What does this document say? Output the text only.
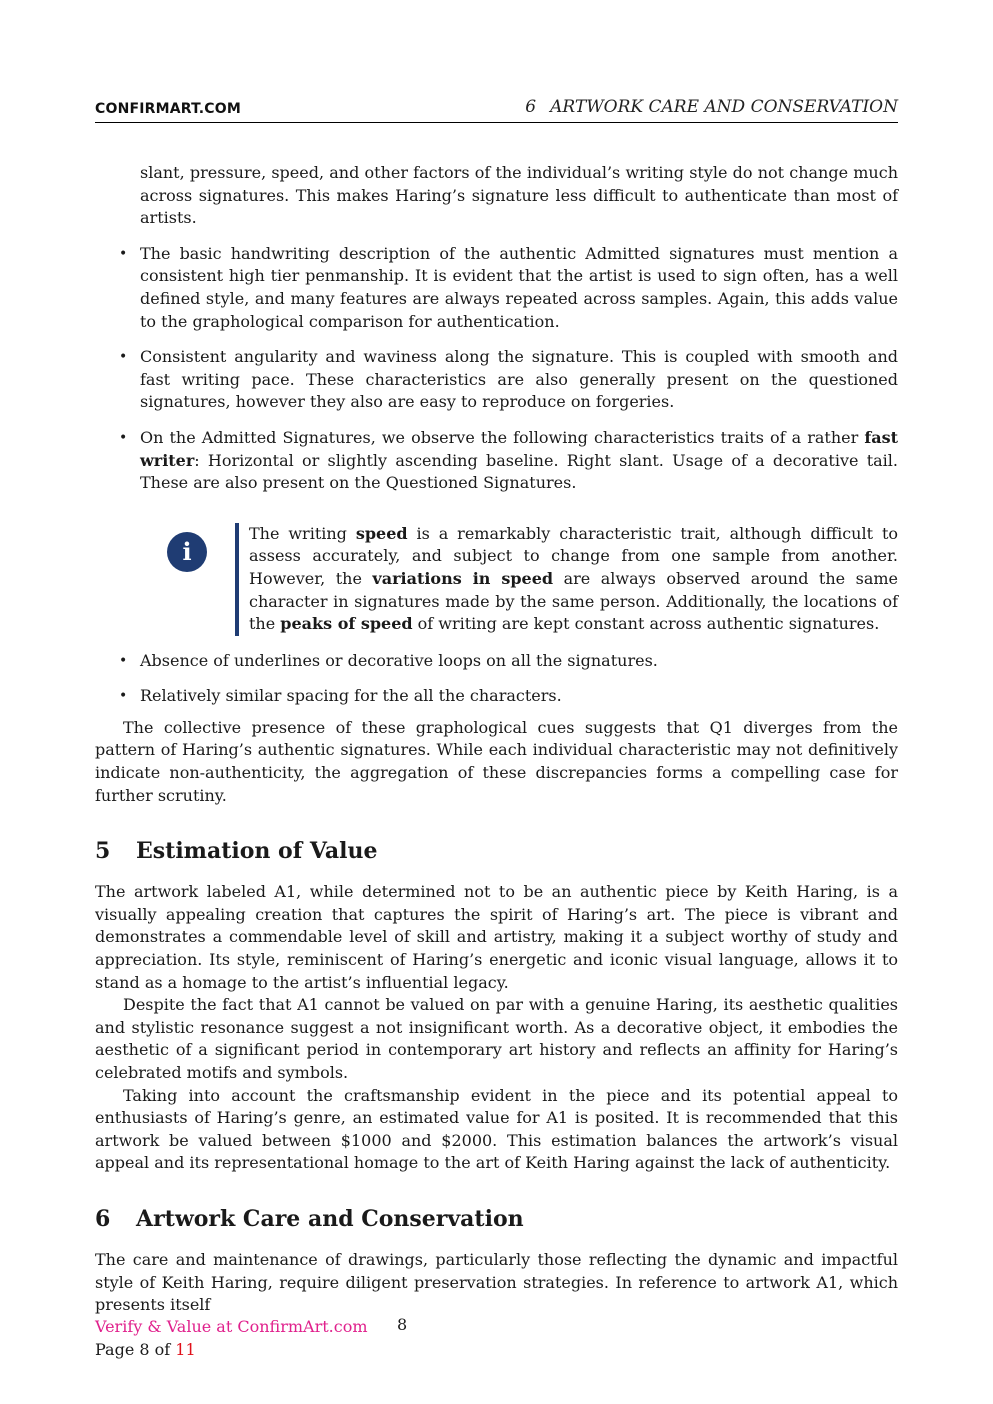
CONFIRMART.COM	6 ARTWORK CARE AND CONSERVATION

slant, pressure, speed, and other factors of the individual’s writing style do not change much across signatures. This makes Haring’s signature less difficult to authenticate than most of artists.

• The basic handwriting description of the authentic Admitted signatures must mention a consistent high tier penmanship. It is evident that the artist is used to sign often, has a well defined style, and many features are always repeated across samples. Again, this adds value to the graphological comparison for authentication.
• Consistent angularity and waviness along the signature. This is coupled with smooth and fast writing pace. These characteristics are also generally present on the questioned signatures, however they also are easy to reproduce on forgeries.
• On the Admitted Signatures, we observe the following characteristics traits of a rather fast writer: Horizontal or slightly ascending baseline. Right slant. Usage of a decorative tail. These are also present on the Questioned Signatures.
i
The writing speed is a remarkably characteristic trait, although difficult to assess accurately, and subject to change from one sample from another. However, the variations in speed are always observed around the same character in signatures made by the same person. Additionally, the locations of the peaks of speed of writing are kept constant across authentic signatures.
• Absence of underlines or decorative loops on all the signatures.
• Relatively similar spacing for the all the characters.

The collective presence of these graphological cues suggests that Q1 diverges from the pattern of Haring’s authentic signatures. While each individual characteristic may not definitively indicate non-authenticity, the aggregation of these discrepancies forms a compelling case for further scrutiny.

5 Estimation of Value

The artwork labeled A1, while determined not to be an authentic piece by Keith Haring, is a visually appealing creation that captures the spirit of Haring’s art. The piece is vibrant and demonstrates a commendable level of skill and artistry, making it a subject worthy of study and appreciation. Its style, reminiscent of Haring’s energetic and iconic visual language, allows it to stand as a homage to the artist’s influential legacy.

Despite the fact that A1 cannot be valued on par with a genuine Haring, its aesthetic qualities and stylistic resonance suggest a not insignificant worth. As a decorative object, it embodies the aesthetic of a significant period in contemporary art history and reflects an affinity for Haring’s celebrated motifs and symbols.

Taking into account the craftsmanship evident in the piece and its potential appeal to enthusiasts of Haring’s genre, an estimated value for A1 is posited. It is recommended that this artwork be valued between $1000 and $2000. This estimation balances the artwork’s visual appeal and its representational homage to the art of Keith Haring against the lack of authenticity.

6 Artwork Care and Conservation

The care and maintenance of drawings, particularly those reflecting the dynamic and impactful style of Keith Haring, require diligent preservation strategies. In reference to artwork A1, which presents itself

Verify & Value at ConfirmArt.com
Page 8 of 11
8
